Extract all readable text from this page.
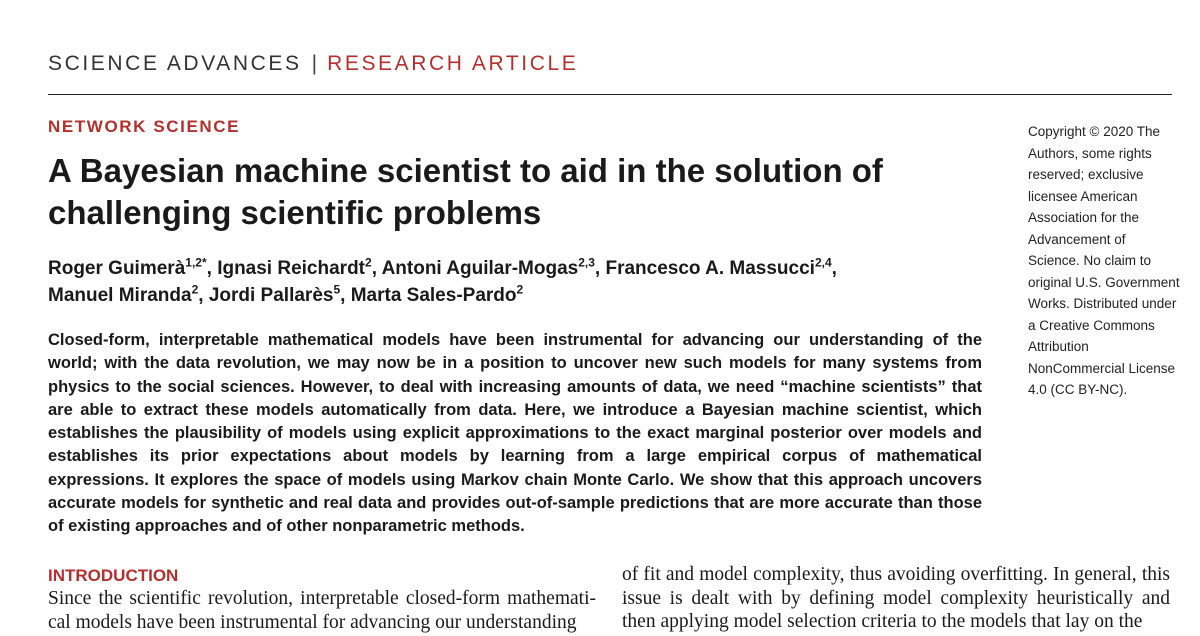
SCIENCE ADVANCES | RESEARCH ARTICLE
NETWORK SCIENCE
A Bayesian machine scientist to aid in the solution of challenging scientific problems
Roger Guimerà$^{1,2*}$, Ignasi Reichardt$^2$, Antoni Aguilar-Mogas$^{2,3}$, Francesco A. Massucci$^{2,4}$,
Manuel Miranda$^2$, Jordi Pallarès$^5$, Marta Sales-Pardo$^2$
Copyright © 2020 The Authors, some rights reserved; exclusive licensee American Association for the Advancement of Science. No claim to original U.S. Government Works. Distributed under a Creative Commons Attribution NonCommercial License 4.0 (CC BY-NC).

Closed-form, interpretable mathematical models have been instrumental for advancing our understanding of the world; with the data revolution, we may now be in a position to uncover new such models for many systems from physics to the social sciences. However, to deal with increasing amounts of data, we need “machine scientists” that are able to extract these models automatically from data. Here, we introduce a Bayesian machine scientist, which establishes the plausibility of models using explicit approximations to the exact marginal posterior over models and establishes its prior expectations about models by learning from a large empirical corpus of mathematical expressions. It explores the space of models using Markov chain Monte Carlo. We show that this approach uncovers accurate models for synthetic and real data and provides out-of-sample predictions that are more accurate than those of existing approaches and of other nonparametric methods.

INTRODUCTION

Since the scientific revolution, interpretable closed-form mathematical models have been instrumental for advancing our understanding

of fit and model complexity, thus avoiding overfitting. In general, this issue is dealt with by defining model complexity heuristically and then applying model selection criteria to the models that lay on the
